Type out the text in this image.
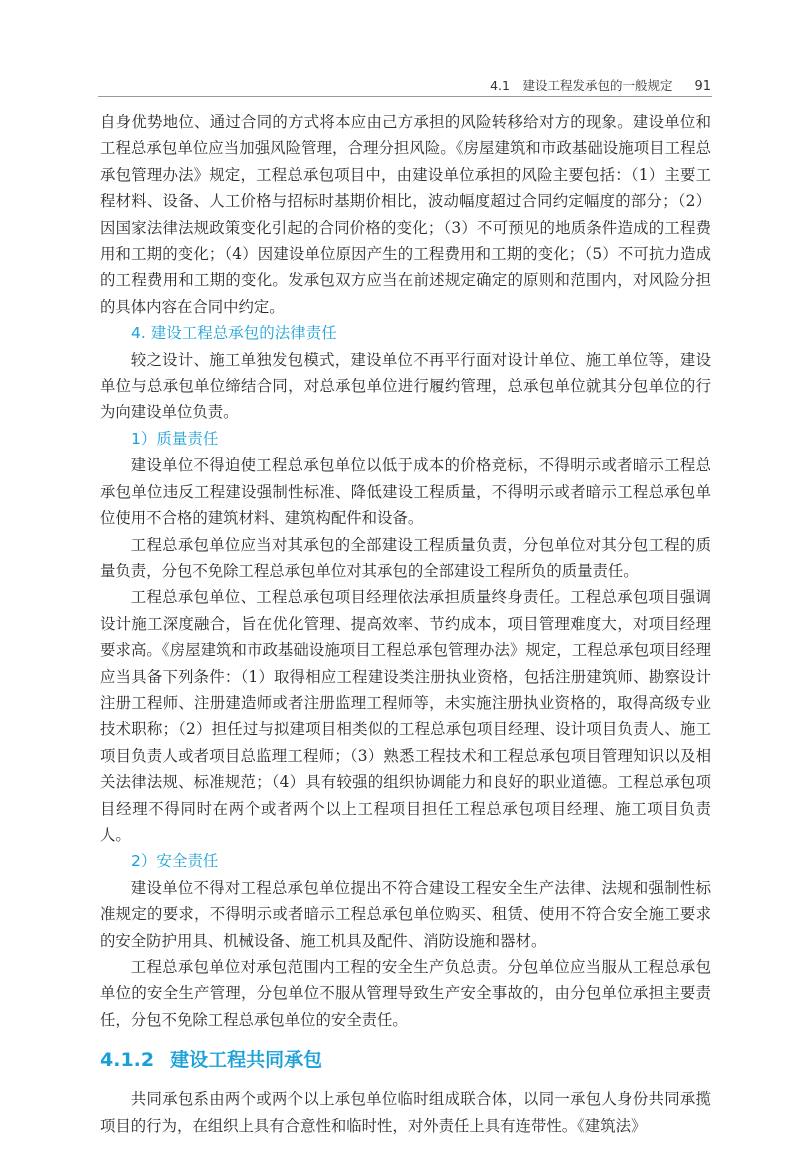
4.1　建设工程发承包的一般规定 91

自身优势地位、通过合同的方式将本应由己方承担的风险转移给对方的现象。建设单位和工程总承包单位应当加强风险管理，合理分担风险。《房屋建筑和市政基础设施项目工程总承包管理办法》规定，工程总承包项目中，由建设单位承担的风险主要包括：（1）主要工程材料、设备、人工价格与招标时基期价相比，波动幅度超过合同约定幅度的部分；（2）因国家法律法规政策变化引起的合同价格的变化；（3）不可预见的地质条件造成的工程费用和工期的变化；（4）因建设单位原因产生的工程费用和工期的变化；（5）不可抗力造成的工程费用和工期的变化。发承包双方应当在前述规定确定的原则和范围内，对风险分担的具体内容在合同中约定。

4. 建设工程总承包的法律责任

较之设计、施工单独发包模式，建设单位不再平行面对设计单位、施工单位等，建设单位与总承包单位缔结合同，对总承包单位进行履约管理，总承包单位就其分包单位的行为向建设单位负责。

1）质量责任

建设单位不得迫使工程总承包单位以低于成本的价格竞标，不得明示或者暗示工程总承包单位违反工程建设强制性标准、降低建设工程质量，不得明示或者暗示工程总承包单位使用不合格的建筑材料、建筑构配件和设备。

工程总承包单位应当对其承包的全部建设工程质量负责，分包单位对其分包工程的质量负责，分包不免除工程总承包单位对其承包的全部建设工程所负的质量责任。

工程总承包单位、工程总承包项目经理依法承担质量终身责任。工程总承包项目强调设计施工深度融合，旨在优化管理、提高效率、节约成本，项目管理难度大，对项目经理要求高。《房屋建筑和市政基础设施项目工程总承包管理办法》规定，工程总承包项目经理应当具备下列条件：（1）取得相应工程建设类注册执业资格，包括注册建筑师、勘察设计注册工程师、注册建造师或者注册监理工程师等，未实施注册执业资格的，取得高级专业技术职称；（2）担任过与拟建项目相类似的工程总承包项目经理、设计项目负责人、施工项目负责人或者项目总监理工程师；（3）熟悉工程技术和工程总承包项目管理知识以及相关法律法规、标准规范；（4）具有较强的组织协调能力和良好的职业道德。工程总承包项目经理不得同时在两个或者两个以上工程项目担任工程总承包项目经理、施工项目负责人。

2）安全责任

建设单位不得对工程总承包单位提出不符合建设工程安全生产法律、法规和强制性标准规定的要求，不得明示或者暗示工程总承包单位购买、租赁、使用不符合安全施工要求的安全防护用具、机械设备、施工机具及配件、消防设施和器材。

工程总承包单位对承包范围内工程的安全生产负总责。分包单位应当服从工程总承包单位的安全生产管理，分包单位不服从管理导致生产安全事故的，由分包单位承担主要责任，分包不免除工程总承包单位的安全责任。

4.1.2 建设工程共同承包

共同承包系由两个或两个以上承包单位临时组成联合体，以同一承包人身份共同承揽项目的行为，在组织上具有合意性和临时性，对外责任上具有连带性。《建筑法》
